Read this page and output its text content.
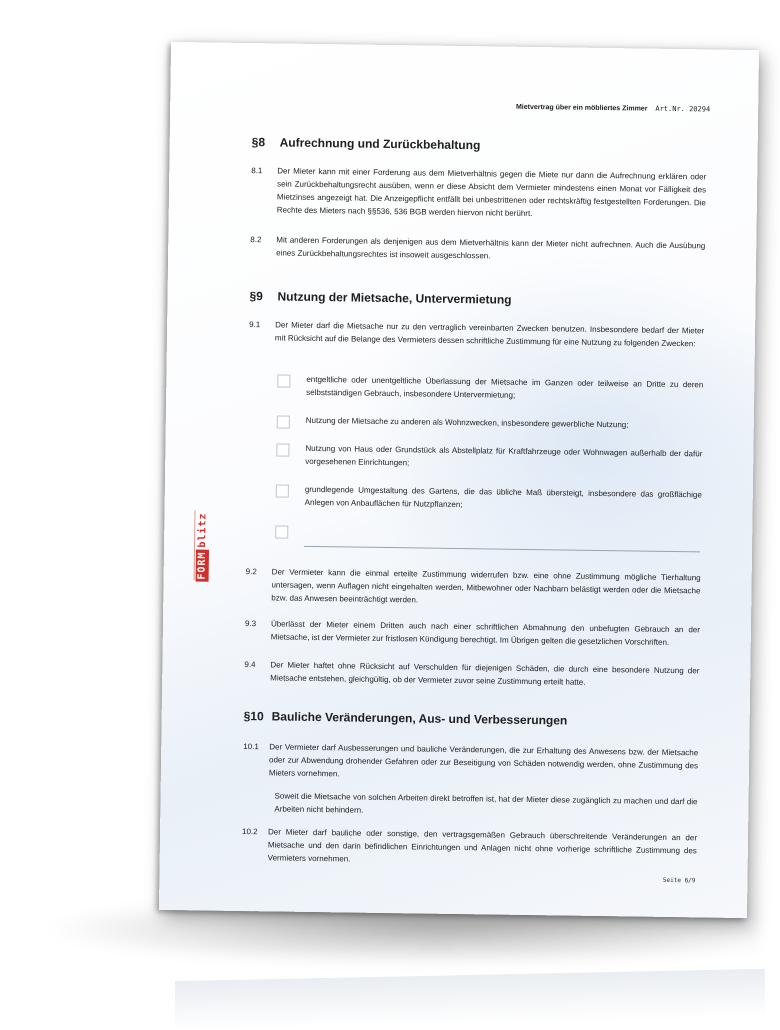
FORMblitz
Mietvertrag über ein möbliertes Zimmer Art.Nr. 20294
§8 Aufrechnung und Zurückbehaltung
8.1	Der Mieter kann mit einer Forderung aus dem Mietverhältnis gegen die Miete nur dann die Aufrechnung erklären oder sein Zurückbehaltungsrecht ausüben, wenn er diese Absicht dem Vermieter mindestens einen Monat vor Fälligkeit des Mietzinses angezeigt hat. Die Anzeigepflicht entfällt bei unbestrittenen oder rechtskräftig festgestellten Forderungen. Die Rechte des Mieters nach §§536, 536 BGB werden hiervon nicht berührt.
8.2	Mit anderen Forderungen als denjenigen aus dem Mietverhältnis kann der Mieter nicht aufrechnen. Auch die Ausübung eines Zurückbehaltungsrechtes ist insoweit ausgeschlossen.
§9 Nutzung der Mietsache, Untervermietung
9.1	Der Mieter darf die Mietsache nur zu den vertraglich vereinbarten Zwecken benutzen. Insbesondere bedarf der Mieter mit Rücksicht auf die Belange des Vermieters dessen schriftliche Zustimmung für eine Nutzung zu folgenden Zwecken:
entgeltliche oder unentgeltliche Überlassung der Mietsache im Ganzen oder teilweise an Dritte zu deren selbstständigen Gebrauch, insbesondere Untervermietung;
Nutzung der Mietsache zu anderen als Wohnzwecken, insbesondere gewerbliche Nutzung;
Nutzung von Haus oder Grundstück als Abstellplatz für Kraftfahrzeuge oder Wohnwagen außerhalb der dafür vorgesehenen Einrichtungen;
grundlegende Umgestaltung des Gartens, die das übliche Maß übersteigt, insbesondere das großflächige Anlegen von Anbauflächen für Nutzpflanzen;
9.2	Der Vermieter kann die einmal erteilte Zustimmung widerrufen bzw. eine ohne Zustimmung mögliche Tierhaltung untersagen, wenn Auflagen nicht eingehalten werden, Mitbewohner oder Nachbarn belästigt werden oder die Mietsache bzw. das Anwesen beeinträchtigt werden.
9.3	Überlässt der Mieter einem Dritten auch nach einer schriftlichen Abmahnung den unbefugten Gebrauch an der Mietsache, ist der Vermieter zur fristlosen Kündigung berechtigt. Im Übrigen gelten die gesetzlichen Vorschriften.
9.4	Der Mieter haftet ohne Rücksicht auf Verschulden für diejenigen Schäden, die durch eine besondere Nutzung der Mietsache entstehen, gleichgültig, ob der Vermieter zuvor seine Zustimmung erteilt hatte.
§10 Bauliche Veränderungen, Aus- und Verbesserungen
10.1	Der Vermieter darf Ausbesserungen und bauliche Veränderungen, die zur Erhaltung des Anwesens bzw. der Mietsache oder zur Abwendung drohender Gefahren oder zur Beseitigung von Schäden notwendig werden, ohne Zustimmung des Mieters vornehmen.
Soweit die Mietsache von solchen Arbeiten direkt betroffen ist, hat der Mieter diese zugänglich zu machen und darf die Arbeiten nicht behindern.
10.2	Der Mieter darf bauliche oder sonstige, den vertragsgemäßen Gebrauch überschreitende Veränderungen an der Mietsache und den darin befindlichen Einrichtungen und Anlagen nicht ohne vorherige schriftliche Zustimmung des Vermieters vornehmen.
Seite 6/9
